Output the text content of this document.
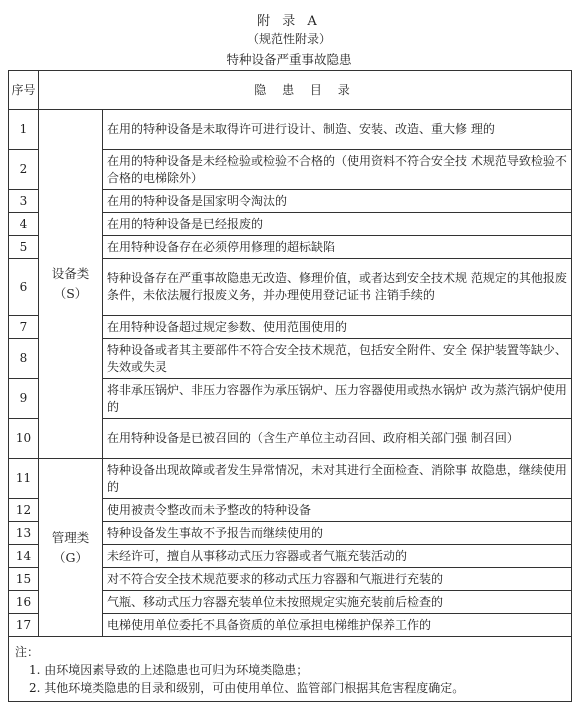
附 录 A
（规范性附录）
特种设备严重事故隐患
序号	隐 患 目 录	
1	设备类（S）	在用的特种设备是未取得许可进行设计、制造、安装、改造、重大修 理的
2		在用的特种设备是未经检验或检验不合格的（使用资料不符合安全技 术规范导致检验不合格的电梯除外）
3		在用的特种设备是国家明令淘汰的
4		在用的特种设备是已经报废的
5		在用特种设备存在必须停用修理的超标缺陷
6		特种设备存在严重事故隐患无改造、修理价值，或者达到安全技术规 范规定的其他报废条件，未依法履行报废义务，并办理使用登记证书 注销手续的
7		在用特种设备超过规定参数、使用范围使用的
8		特种设备或者其主要部件不符合安全技术规范，包括安全附件、安全 保护装置等缺少、失效或失灵
9		将非承压锅炉、非压力容器作为承压锅炉、压力容器使用或热水锅炉 改为蒸汽锅炉使用的
10		在用特种设备是已被召回的（含生产单位主动召回、政府相关部门强 制召回）
11	管理类（G）	特种设备出现故障或者发生异常情况，未对其进行全面检查、消除事 故隐患，继续使用的
12		使用被责令整改而未予整改的特种设备
13		特种设备发生事故不予报告而继续使用的
14		未经许可，擅自从事移动式压力容器或者气瓶充装活动的
15		对不符合安全技术规范要求的移动式压力容器和气瓶进行充装的
16		气瓶、移动式压力容器充装单位未按照规定实施充装前后检查的
17		电梯使用单位委托不具备资质的单位承担电梯维护保养工作的

注：
1. 由环境因素导致的上述隐患也可归为环境类隐患；
2. 其他环境类隐患的目录和级别，可由使用单位、监管部门根据其危害程度确定。		
